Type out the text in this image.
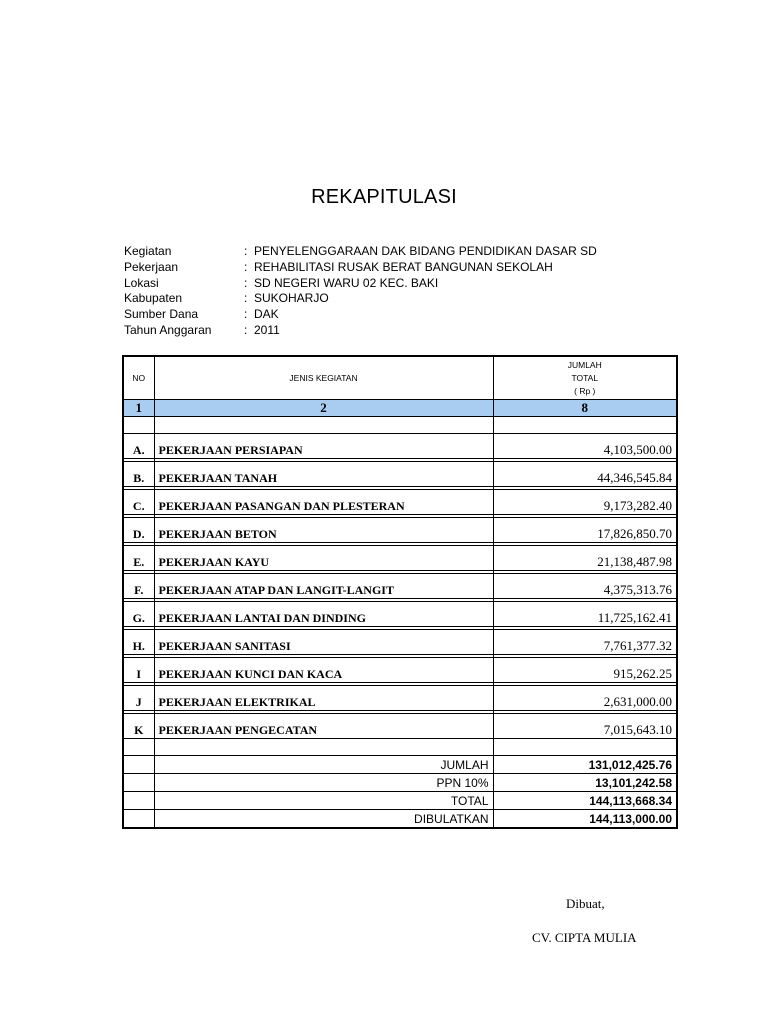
REKAPITULASI
Kegiatan	: PENYELENGGARAAN DAK BIDANG PENDIDIKAN DASAR SD
Pekerjaan	: REHABILITASI RUSAK BERAT BANGUNAN SEKOLAH
Lokasi	: SD NEGERI WARU 02 KEC. BAKI
Kabupaten	: SUKOHARJO
Sumber Dana	: DAK
Tahun Anggaran	: 2011
NO	JENIS KEGIATAN	JUMLAH
TOTAL
( Rp )

1	2	8

A.	PEKERJAAN PERSIAPAN	4,103,500.00

B.	PEKERJAAN TANAH	44,346,545.84

C.	PEKERJAAN PASANGAN DAN PLESTERAN	9,173,282.40

D.	PEKERJAAN BETON	17,826,850.70

E.	PEKERJAAN KAYU	21,138,487.98

F.	PEKERJAAN ATAP DAN LANGIT-LANGIT	4,375,313.76

G.	PEKERJAAN LANTAI DAN DINDING	11,725,162.41

H.	PEKERJAAN SANITASI	7,761,377.32

I	PEKERJAAN KUNCI DAN KACA	915,262.25

J	PEKERJAAN ELEKTRIKAL	2,631,000.00

K	PEKERJAAN PENGECATAN	7,015,643.10

	JUMLAH	131,012,425.76
	PPN 10%	13,101,242.58
	TOTAL	144,113,668.34
	DIBULATKAN	144,113,000.00
Dibuat,
CV. CIPTA MULIA
